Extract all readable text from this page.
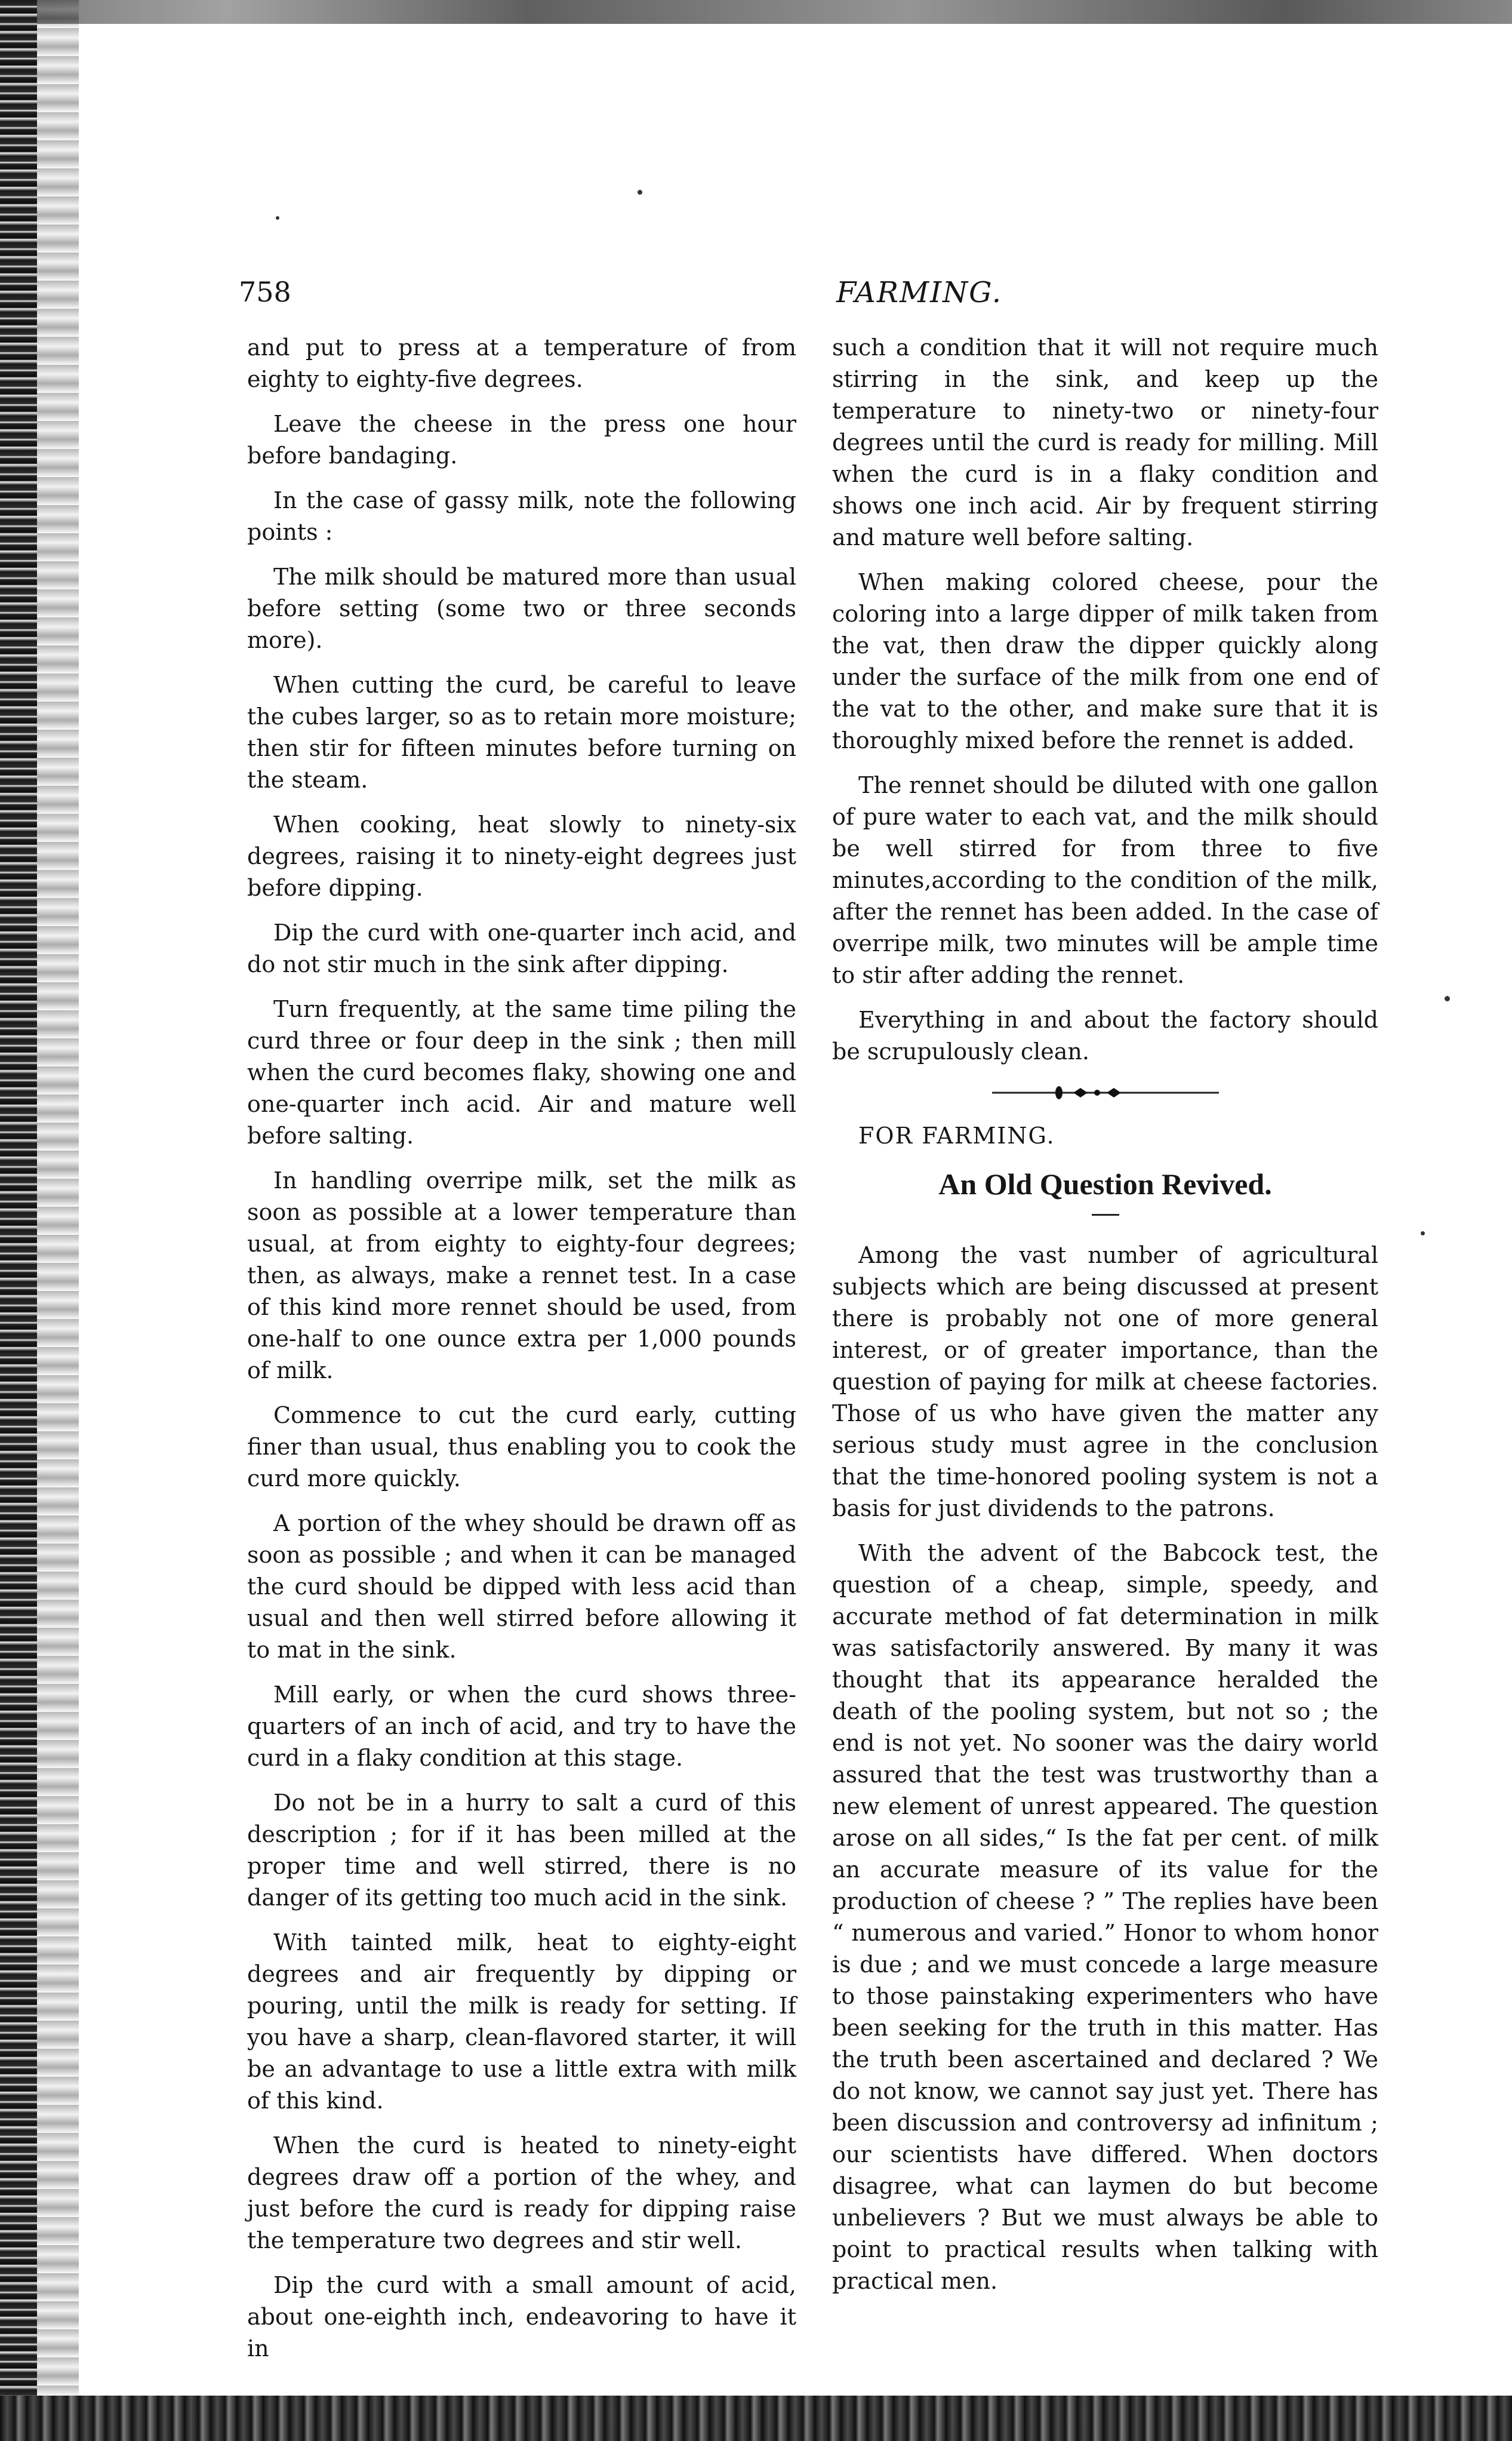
758	FARMING.

and put to press at a temperature of from eighty to eighty-five degrees.

Leave the cheese in the press one hour before bandaging.

In the case of gassy milk, note the following points :

The milk should be matured more than usual before setting (some two or three seconds more).

When cutting the curd, be careful to leave the cubes larger, so as to retain more moisture; then stir for fifteen minutes before turning on the steam.

When cooking, heat slowly to ninety-six degrees, raising it to ninety-eight degrees just before dipping.

Dip the curd with one-quarter inch acid, and do not stir much in the sink after dipping.

Turn frequently, at the same time piling the curd three or four deep in the sink ; then mill when the curd becomes flaky, showing one and one-quarter inch acid. Air and mature well before salting.

In handling overripe milk, set the milk as soon as possible at a lower temperature than usual, at from eighty to eighty-four degrees; then, as always, make a rennet test. In a case of this kind more rennet should be used, from one-half to one ounce extra per 1,000 pounds of milk.

Commence to cut the curd early, cutting finer than usual, thus enabling you to cook the curd more quickly.

A portion of the whey should be drawn off as soon as possible ; and when it can be managed the curd should be dipped with less acid than usual and then well stirred before allowing it to mat in the sink.

Mill early, or when the curd shows three-quarters of an inch of acid, and try to have the curd in a flaky condition at this stage.

Do not be in a hurry to salt a curd of this description ; for if it has been milled at the proper time and well stirred, there is no danger of its getting too much acid in the sink.

With tainted milk, heat to eighty-eight degrees and air frequently by dipping or pouring, until the milk is ready for setting. If you have a sharp, clean-flavored starter, it will be an advantage to use a little extra with milk of this kind.

When the curd is heated to ninety-eight degrees draw off a portion of the whey, and just before the curd is ready for dipping raise the temperature two degrees and stir well.

Dip the curd with a small amount of acid, about one-eighth inch, endeavoring to have it in

such a condition that it will not require much stirring in the sink, and keep up the temperature to ninety-two or ninety-four degrees until the curd is ready for milling. Mill when the curd is in a flaky condition and shows one inch acid. Air by frequent stirring and mature well before salting.

When making colored cheese, pour the coloring into a large dipper of milk taken from the vat, then draw the dipper quickly along under the surface of the milk from one end of the vat to the other, and make sure that it is thoroughly mixed before the rennet is added.

The rennet should be diluted with one gallon of pure water to each vat, and the milk should be well stirred for from three to five minutes,according to the condition of the milk, after the rennet has been added. In the case of overripe milk, two minutes will be ample time to stir after adding the rennet.

Everything in and about the factory should be scrupulously clean.

FOR FARMING.

An Old Question Revived.

Among the vast number of agricultural subjects which are being discussed at present there is probably not one of more general interest, or of greater importance, than the question of paying for milk at cheese factories. Those of us who have given the matter any serious study must agree in the conclusion that the time-honored pooling system is not a basis for just dividends to the patrons.

With the advent of the Babcock test, the question of a cheap, simple, speedy, and accurate method of fat determination in milk was satisfactorily answered. By many it was thought that its appearance heralded the death of the pooling system, but not so ; the end is not yet. No sooner was the dairy world assured that the test was trustworthy than a new element of unrest appeared. The question arose on all sides,“ Is the fat per cent. of milk an accurate measure of its value for the production of cheese ? ” The replies have been “ numerous and varied.” Honor to whom honor is due ; and we must concede a large measure to those painstaking experimenters who have been seeking for the truth in this matter. Has the truth been ascertained and declared ? We do not know, we cannot say just yet. There has been discussion and controversy ad infinitum ; our scientists have differed. When doctors disagree, what can laymen do but become unbelievers ? But we must always be able to point to practical results when talking with practical men.
